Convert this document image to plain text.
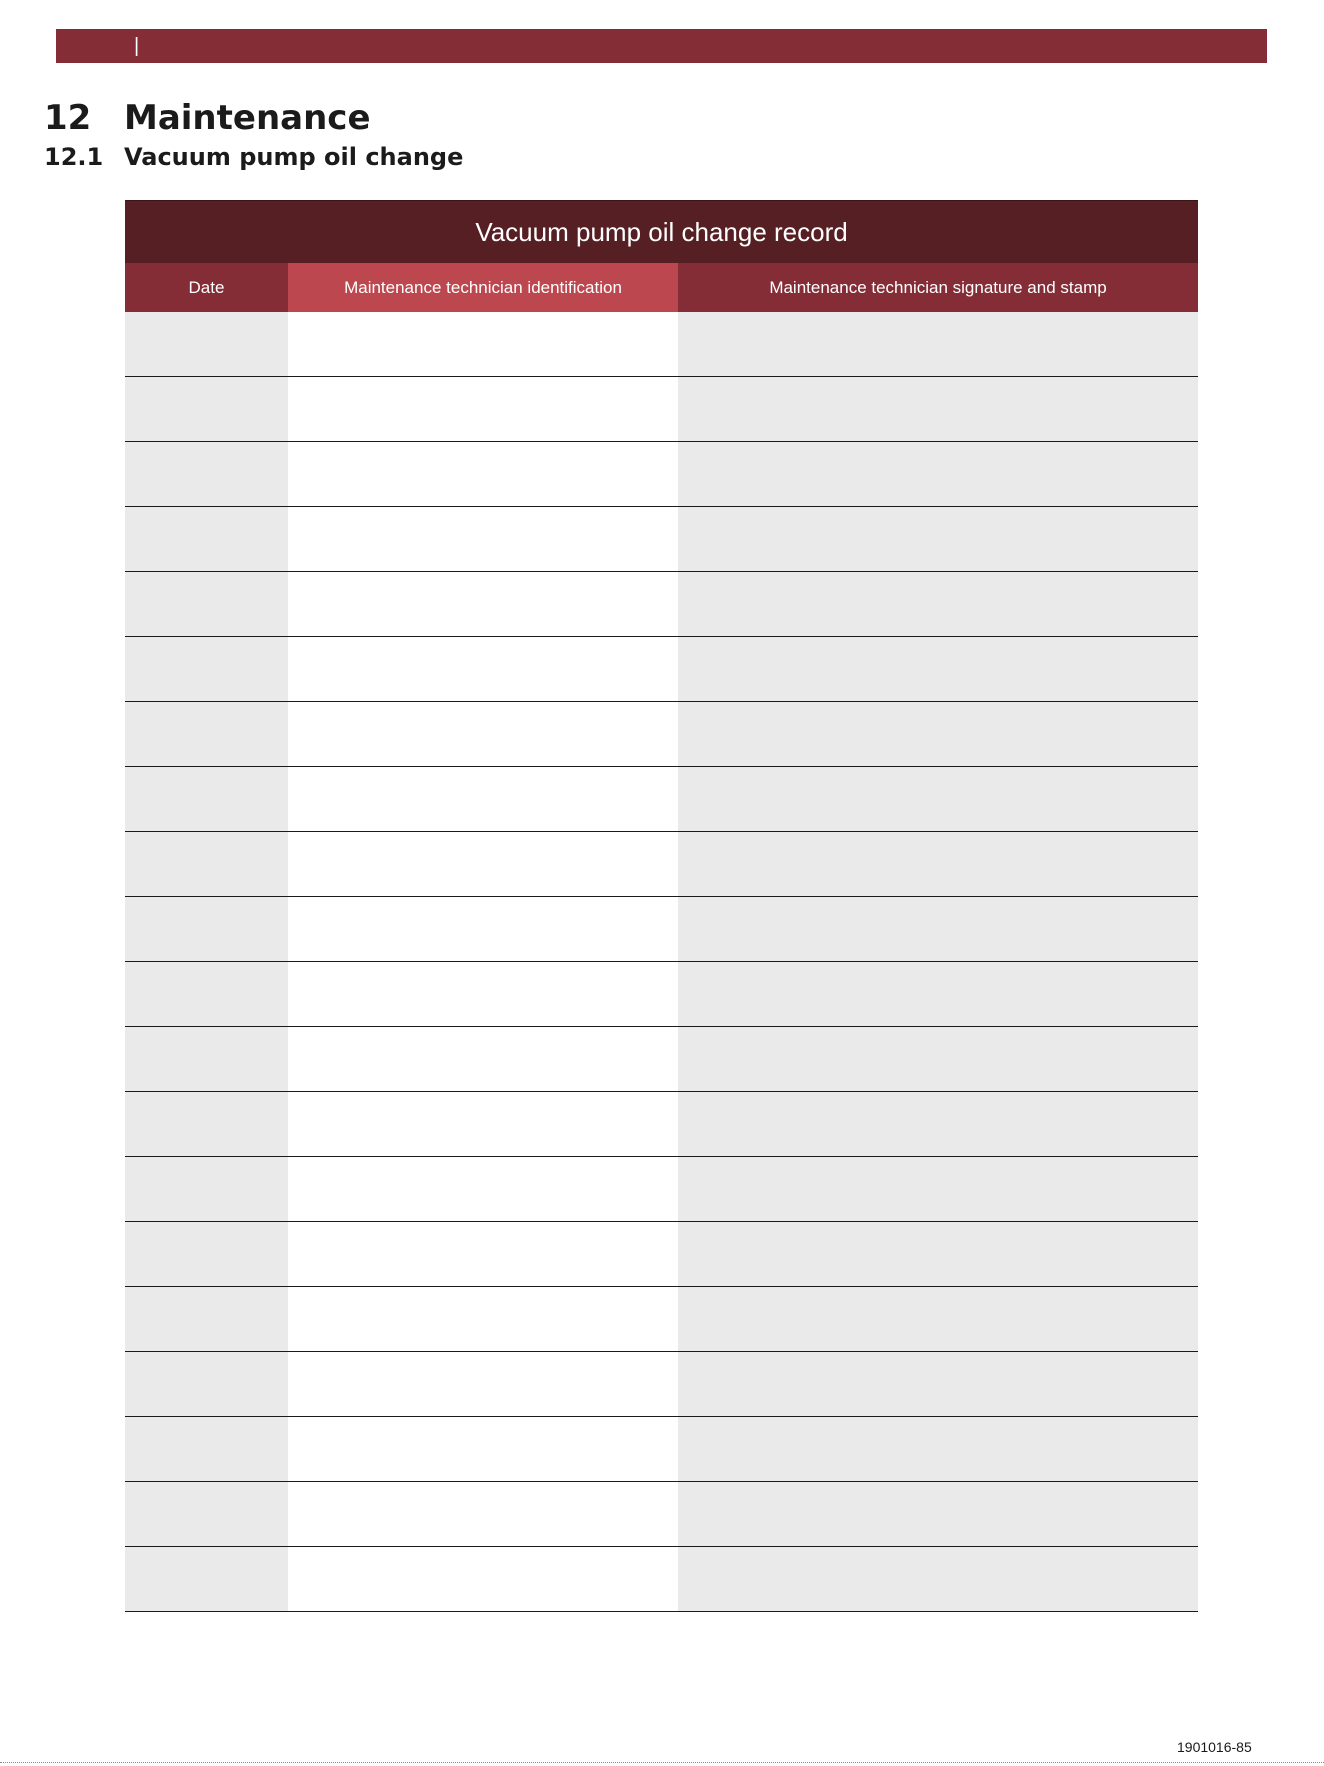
|
12 Maintenance
12.1 Vacuum pump oil change
Vacuum pump oil change record		
Date	Maintenance technician identification	Maintenance technician signature and stamp

1901016-85
